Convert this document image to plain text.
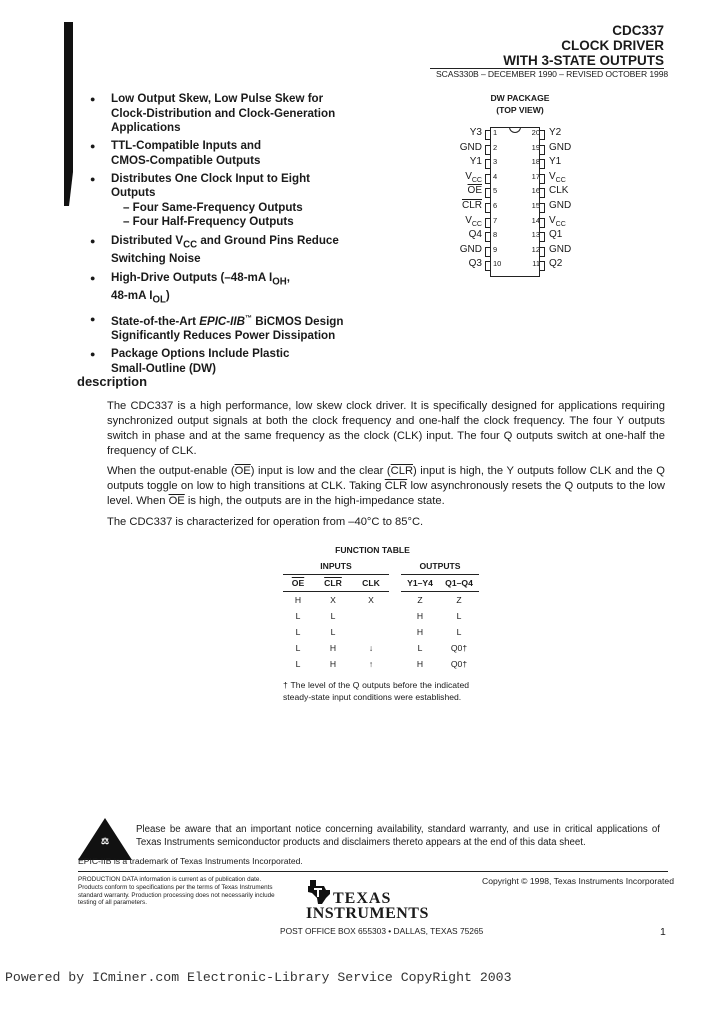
CDC337
CLOCK DRIVER
WITH 3-STATE OUTPUTS
SCAS330B – DECEMBER 1990 – REVISED OCTOBER 1998
● Low Output Skew, Low Pulse Skew for
Clock-Distribution and Clock-Generation
Applications
● TTL-Compatible Inputs and
CMOS-Compatible Outputs
● Distributes One Clock Input to Eight
Outputs
– Four Same-Frequency Outputs
– Four Half-Frequency Outputs
● Distributed $V_{CC}$ and Ground Pins Reduce
Switching Noise
● High-Drive Outputs (–48-mA $I_{OH}$,
48-mA $I_{OL}$)
● State-of-the-Art EPIC-IIB™ BiCMOS Design
Significantly Reduces Power Dissipation
● Package Options Include Plastic
Small-Outline (DW)
DW PACKAGE
(TOP VIEW)
Y3 1
GND 2
Y1 3
$V_{CC}$ 4
$\overline{OE}$ 5
$\overline{CLR}$ 6
$V_{CC}$ 7
Q4 8
GND 9
Q3 10
Y2
20
GND
19
Y1
18
$V_{CC}$
17
CLK
16
GND
15
$V_{CC}$
14
Q1
13
GND
12
Q2
11
description
The CDC337 is a high performance, low skew clock driver. It is specifically designed for applications requiring synchronized output signals at both the clock frequency and one-half the clock frequency. The four Y outputs switch in phase and at the same frequency as the clock (CLK) input. The four Q outputs switch at one-half the frequency of CLK.
When the output-enable $(\overline{OE})$ input is low and the clear $(\overline{CLR})$ input is high, the Y outputs follow CLK and the Q outputs toggle on low to high transitions at CLK. Taking $\overline{CLR}$ low asynchronously resets the Q outputs to the low level. When $\overline{OE}$ is high, the outputs are in the high-impedance state.
The CDC337 is characterized for operation from –40°C to 85°C.
FUNCTION TABLE
INPUTS				OUTPUTS	
$\overline{OE}$	$\overline{CLR}$	CLK		Y1–Y4	Q1–Q4
H	X	X		Z	Z
L	L			H	L
L	L			H	L
L	H	↓		L	Q0†
L	H	↑		H	Q0†
† The level of the Q outputs before the indicated steady-state input conditions were established.
⚖
Please be aware that an important notice concerning availability, standard warranty, and use in critical applications of Texas Instruments semiconductor products and disclaimers thereto appears at the end of this data sheet.
EPIC-IIB is a trademark of Texas Instruments Incorporated.
PRODUCTION DATA information is current as of publication date. Products conform to specifications per the terms of Texas Instruments standard warranty. Production processing does not necessarily include testing of all parameters.
Copyright © 1998, Texas Instruments Incorporated
TEXAS
INSTRUMENTS
POST OFFICE BOX 655303 • DALLAS, TEXAS 75265	1
Powered by ICminer.com Electronic-Library Service CopyRight 2003
